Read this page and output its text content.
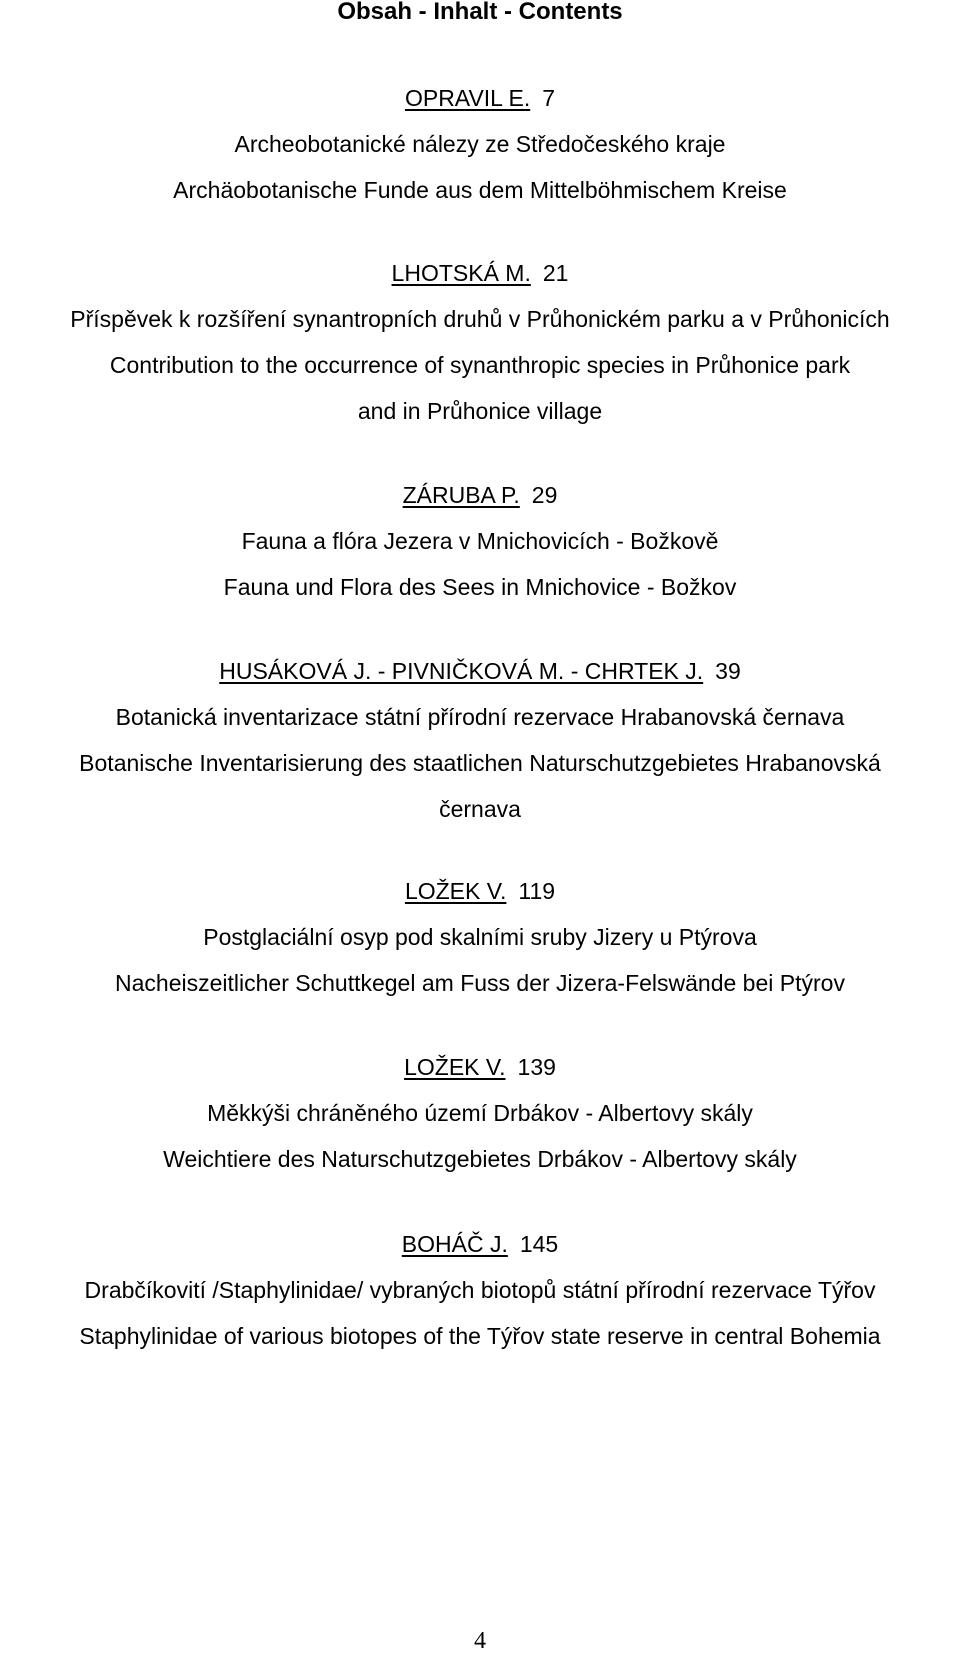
Obsah - Inhalt - Contents
OPRAVIL E. 7
Archeobotanické nálezy ze Středočeského kraje
Archäobotanische Funde aus dem Mittelböhmischem Kreise
LHOTSKÁ M. 21
Příspěvek k rozšíření synantropních druhů v Průhonickém parku a v Průhonicích
Contribution to the occurrence of synanthropic species in Průhonice park
and in Průhonice village
ZÁRUBA P. 29
Fauna a flóra Jezera v Mnichovicích - Božkově
Fauna und Flora des Sees in Mnichovice - Božkov
HUSÁKOVÁ J. - PIVNIČKOVÁ M. - CHRTEK J. 39
Botanická inventarizace státní přírodní rezervace Hrabanovská černava
Botanische Inventarisierung des staatlichen Naturschutzgebietes Hrabanovská
černava
LOŽEK V. 119
Postglaciální osyp pod skalními sruby Jizery u Ptýrova
Nacheiszeitlicher Schuttkegel am Fuss der Jizera-Felswände bei Ptýrov
LOŽEK V. 139
Měkkýši chráněného území Drbákov - Albertovy skály
Weichtiere des Naturschutzgebietes Drbákov - Albertovy skály
BOHÁČ J. 145
Drabčíkovití /Staphylinidae/ vybraných biotopů státní přírodní rezervace Týřov
Staphylinidae of various biotopes of the Týřov state reserve in central Bohemia
4
